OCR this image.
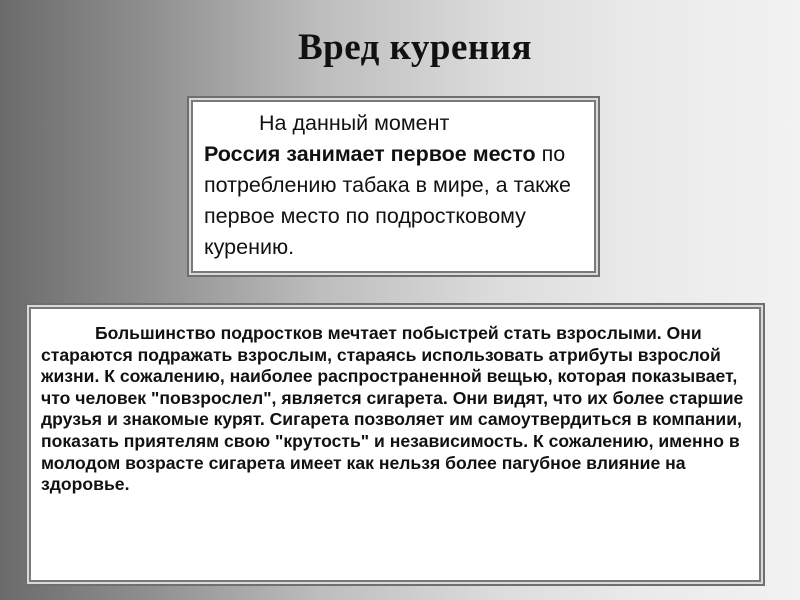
Вред курения
На данный момент
Россия занимает первое место по потреблению табака в мире, а также первое место по подростковому курению.
Большинство подростков мечтает побыстрей стать взрослыми. Они стараются подражать взрослым, стараясь использовать атрибуты взрослой жизни. К сожалению, наиболее распространенной вещью, которая показывает, что человек "повзрослел", является сигарета. Они видят, что их более старшие друзья и знакомые курят. Сигарета позволяет им самоутвердиться в компании, показать приятелям свою "крутость" и независимость. К сожалению, именно в молодом возрасте сигарета имеет как нельзя более пагубное влияние на здоровье.
